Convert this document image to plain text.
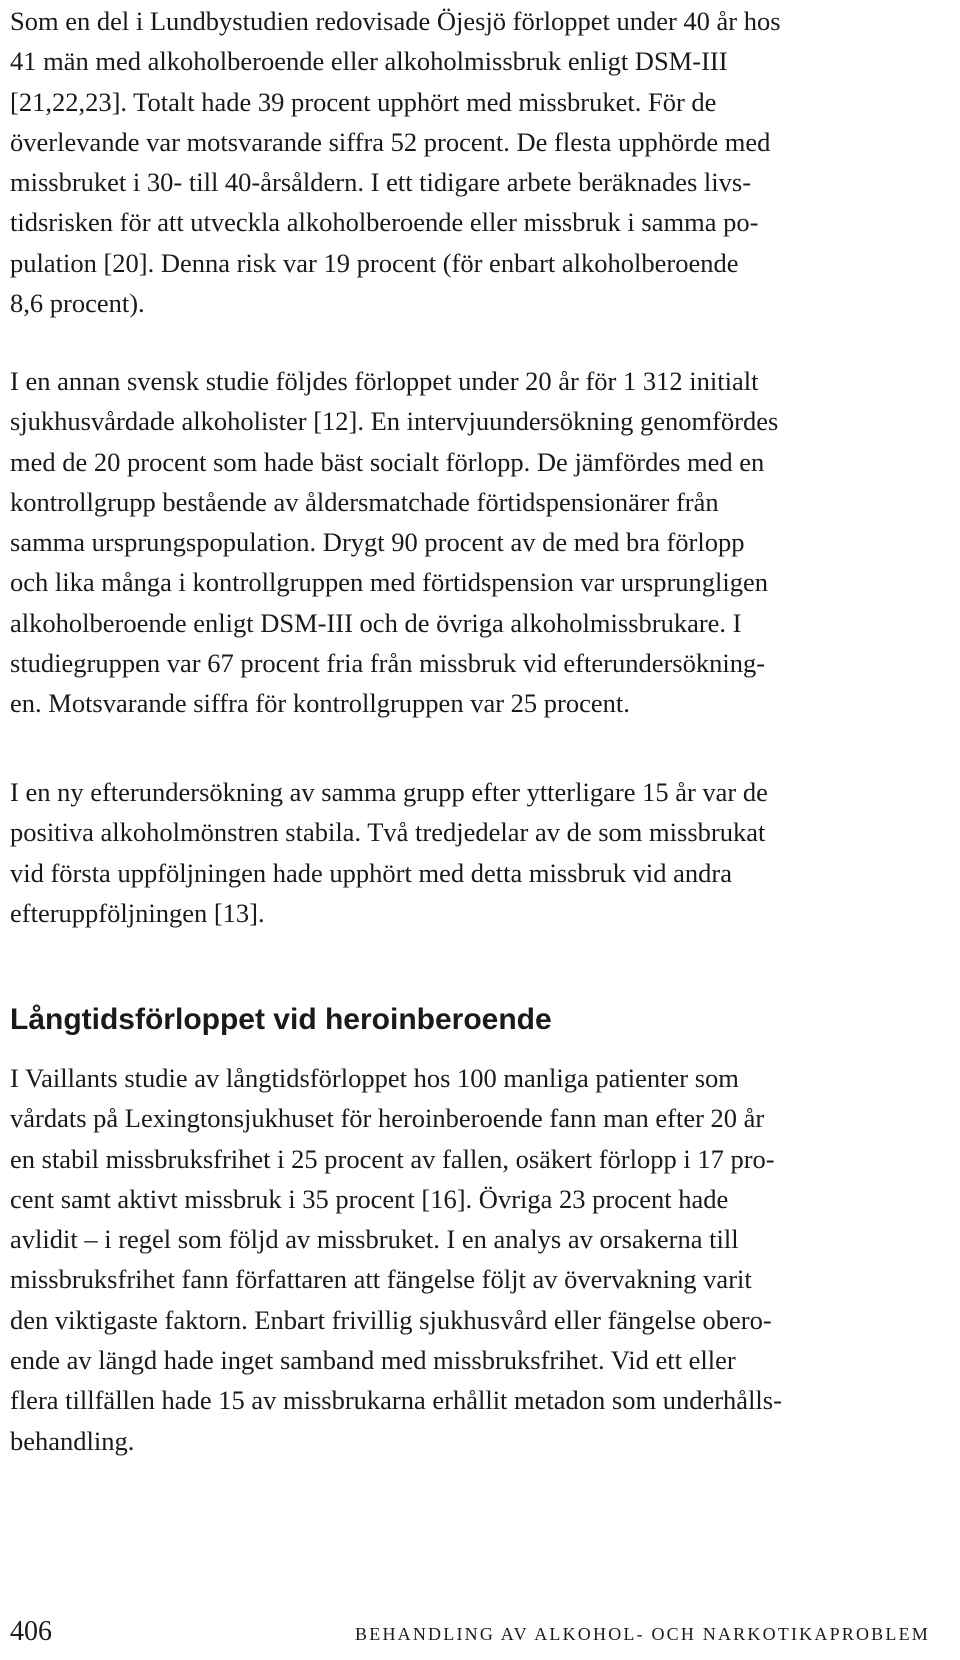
Som en del i Lundbystudien redovisade Öjesjö förloppet under 40 år hos
41 män med alkoholberoende eller alkoholmissbruk enligt DSM-III
[21,22,23]. Totalt hade 39 procent upphört med missbruket. För de
överlevande var motsvarande siffra 52 procent. De flesta upphörde med
missbruket i 30- till 40-årsåldern. I ett tidigare arbete beräknades livs-
tidsrisken för att utveckla alkoholberoende eller missbruk i samma po-
pulation [20]. Denna risk var 19 procent (för enbart alkoholberoende
8,6 procent).

I en annan svensk studie följdes förloppet under 20 år för 1 312 initialt
sjukhusvårdade alkoholister [12]. En intervjuundersökning genomfördes
med de 20 procent som hade bäst socialt förlopp. De jämfördes med en
kontrollgrupp bestående av åldersmatchade förtidspensionärer från
samma ursprungspopulation. Drygt 90 procent av de med bra förlopp
och lika många i kontrollgruppen med förtidspension var ursprungligen
alkoholberoende enligt DSM-III och de övriga alkoholmissbrukare. I
studiegruppen var 67 procent fria från missbruk vid efterundersökning-
en. Motsvarande siffra för kontrollgruppen var 25 procent.

I en ny efterundersökning av samma grupp efter ytterligare 15 år var de
positiva alkoholmönstren stabila. Två tredjedelar av de som missbrukat
vid första uppföljningen hade upphört med detta missbruk vid andra
efteruppföljningen [13].

Långtidsförloppet vid heroinberoende

I Vaillants studie av långtidsförloppet hos 100 manliga patienter som
vårdats på Lexingtonsjukhuset för heroinberoende fann man efter 20 år
en stabil missbruksfrihet i 25 procent av fallen, osäkert förlopp i 17 pro-
cent samt aktivt missbruk i 35 procent [16]. Övriga 23 procent hade
avlidit – i regel som följd av missbruket. I en analys av orsakerna till
missbruksfrihet fann författaren att fängelse följt av övervakning varit
den viktigaste faktorn. Enbart frivillig sjukhusvård eller fängelse obero-
ende av längd hade inget samband med missbruksfrihet. Vid ett eller
flera tillfällen hade 15 av missbrukarna erhållit metadon som underhålls-
behandling.

406	BEHANDLING AV ALKOHOL- OCH NARKOTIKAPROBLEM
